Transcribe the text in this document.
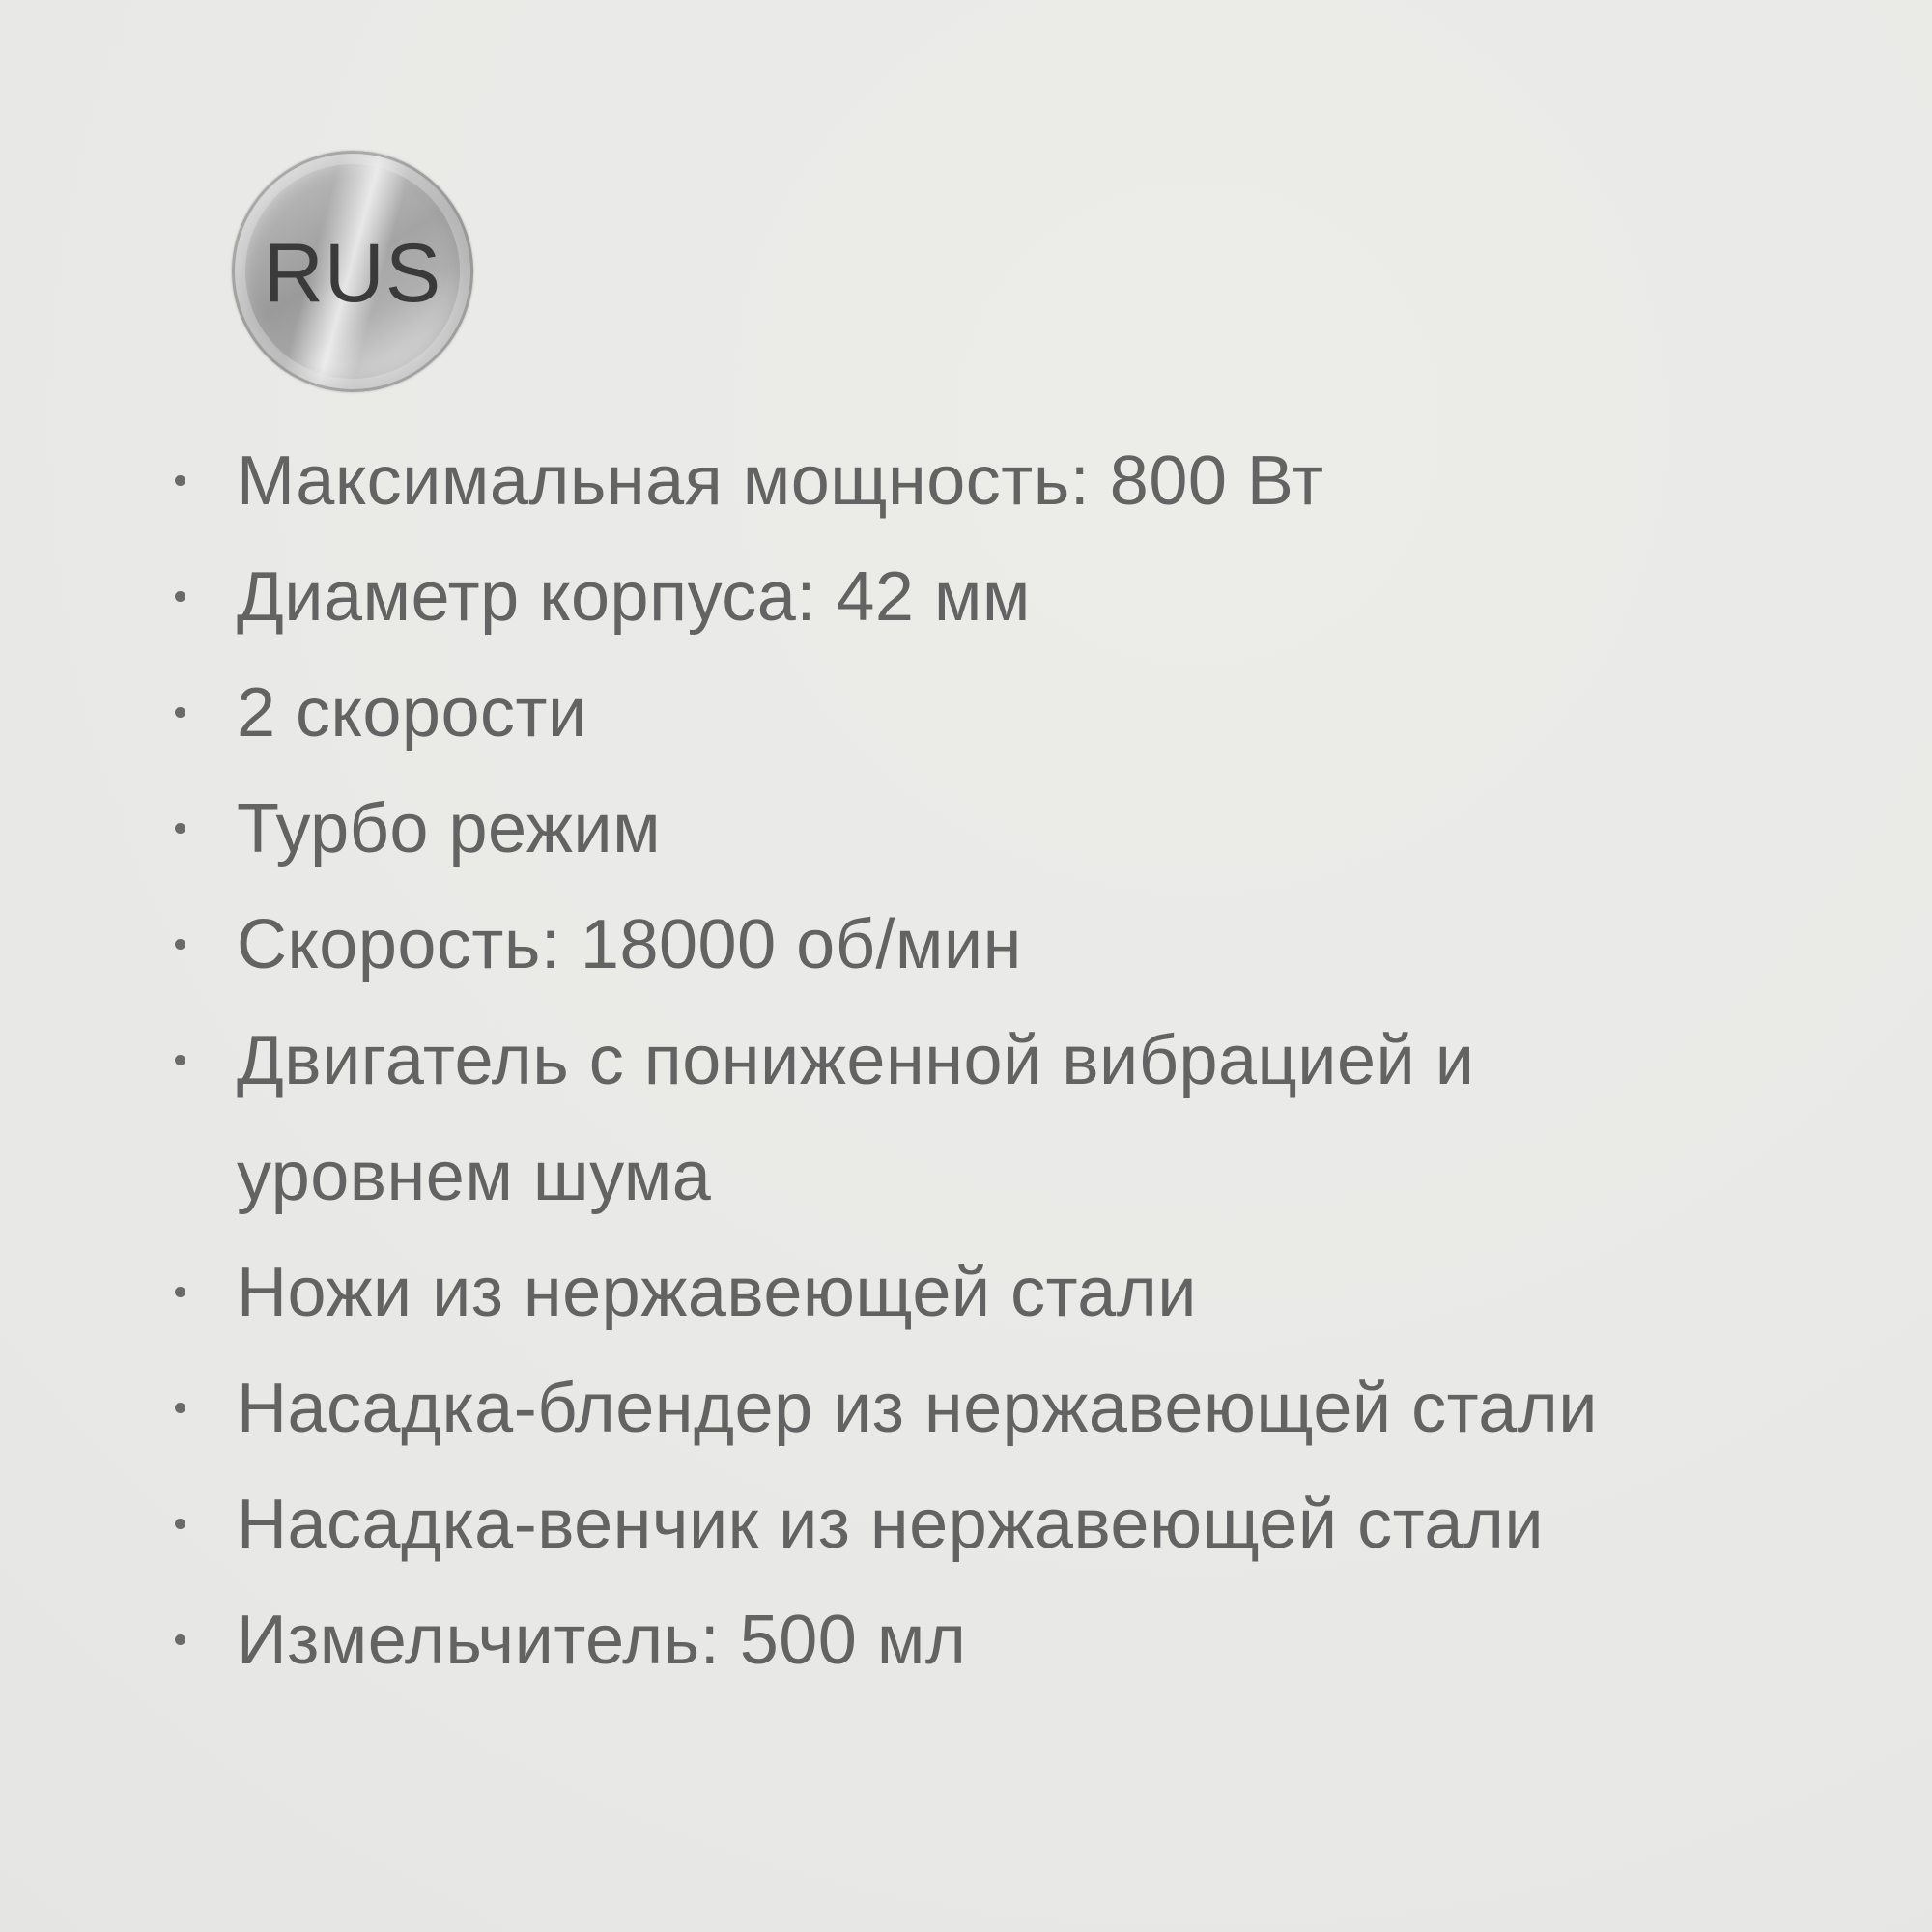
RUS
Максимальная мощность: 800 Вт
Диаметр корпуса: 42 мм
2 скорости
Турбо режим
Скорость: 18000 об/мин
Двигатель с пониженной вибрацией и
уровнем шума
Ножи из нержавеющей стали
Насадка-блендер из нержавеющей стали
Насадка-венчик из нержавеющей стали
Измельчитель: 500 мл
